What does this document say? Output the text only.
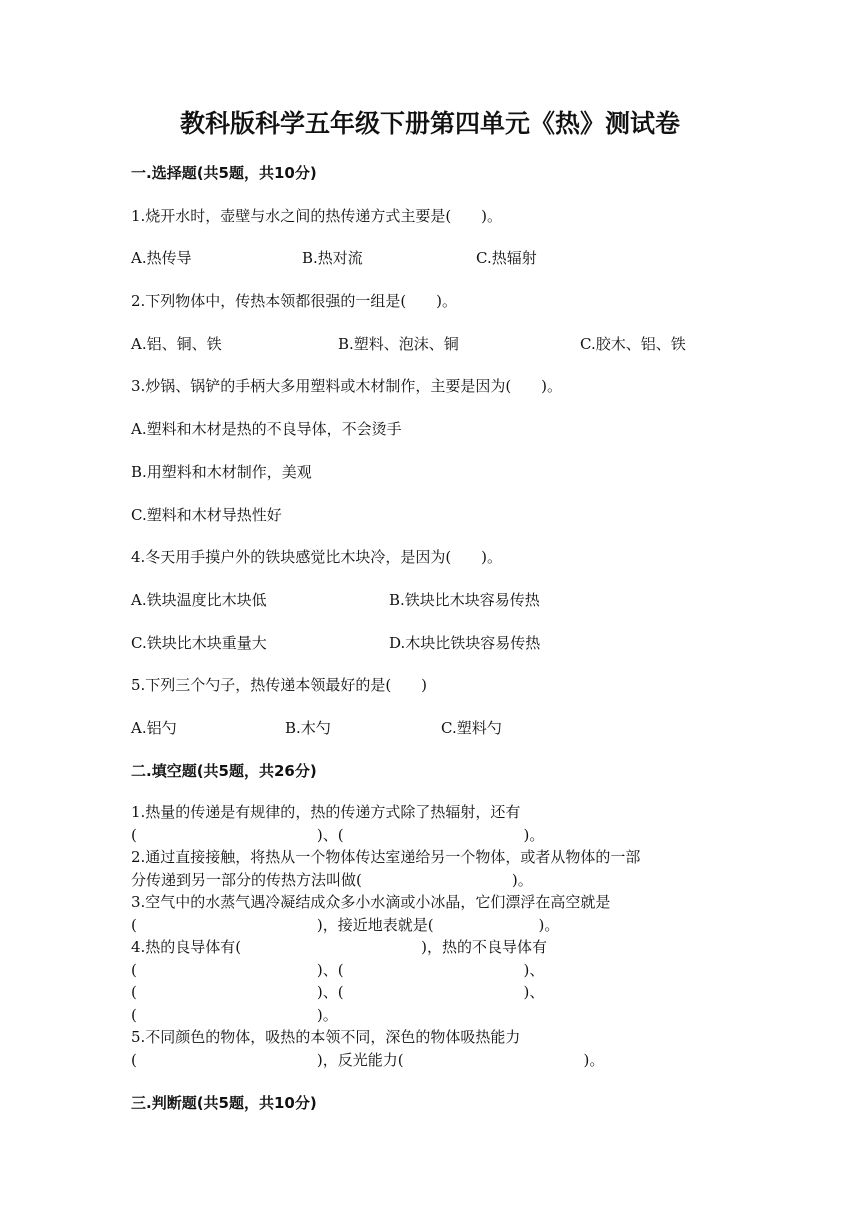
教科版科学五年级下册第四单元《热》测试卷
一.选择题(共5题，共10分)
1.烧开水时，壶壁与水之间的热传递方式主要是(　　)。
A.热传导	B.热对流	C.热辐射
2.下列物体中，传热本领都很强的一组是(　　)。
A.铝、铜、铁	B.塑料、泡沫、铜	C.胶木、铝、铁
3.炒锅、锅铲的手柄大多用塑料或木材制作，主要是因为(　　)。
A.塑料和木材是热的不良导体，不会烫手
B.用塑料和木材制作，美观
C.塑料和木材导热性好
4.冬天用手摸户外的铁块感觉比木块冷，是因为(　　)。
A.铁块温度比木块低	B.铁块比木块容易传热
C.铁块比木块重量大	D.木块比铁块容易传热
5.下列三个勺子，热传递本领最好的是(　　)
A.铝勺	B.木勺	C.塑料勺
二.填空题(共5题，共26分)
1.热量的传递是有规律的，热的传递方式除了热辐射，还有
(　　　　　　　　　　　　)、(　　　　　　　　　　　　)。
2.通过直接接触，将热从一个物体传达室递给另一个物体，或者从物体的一部
分传递到另一部分的传热方法叫做(　　　　　　　　　　)。
3.空气中的水蒸气遇冷凝结成众多小水滴或小冰晶，它们漂浮在高空就是
(　　　　　　　　　　　　)，接近地表就是(　　　　　　　)。
4.热的良导体有(　　　　　　　　　　　　)，热的不良导体有
(　　　　　　　　　　　　)、(　　　　　　　　　　　　)、
(　　　　　　　　　　　　)、(　　　　　　　　　　　　)、
(　　　　　　　　　　　　)。
5.不同颜色的物体，吸热的本领不同，深色的物体吸热能力
(　　　　　　　　　　　　)，反光能力(　　　　　　　　　　　　)。
三.判断题(共5题，共10分)
